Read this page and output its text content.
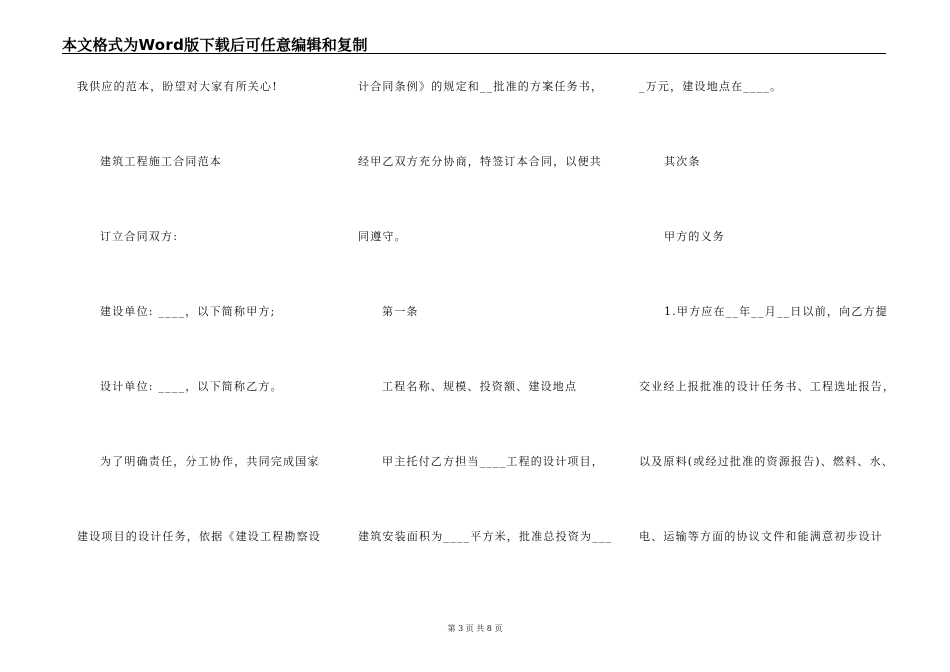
本文格式为Word版下载后可任意编辑和复制
我供应的范本，盼望对大家有所关心!
建筑工程施工合同范本
订立合同双方:
建设单位: ____，以下简称甲方;
设计单位: ____，以下简称乙方。
为了明确责任，分工协作，共同完成国家
建设项目的设计任务，依据《建设工程勘察设
计合同条例》的规定和__批准的方案任务书，
经甲乙双方充分协商，特签订本合同，以便共
同遵守。
第一条
工程名称、规模、投资额、建设地点
甲主托付乙方担当____工程的设计项目，
建筑安装面积为____平方米，批准总投资为___
_万元，建设地点在____。
其次条
甲方的义务
1.甲方应在__年__月__日以前，向乙方提
交业经上报批准的设计任务书、工程选址报告，
以及原料(或经过批准的资源报告)、燃料、水、
电、运输等方面的协议文件和能满意初步设计
第 3 页 共 8 页
